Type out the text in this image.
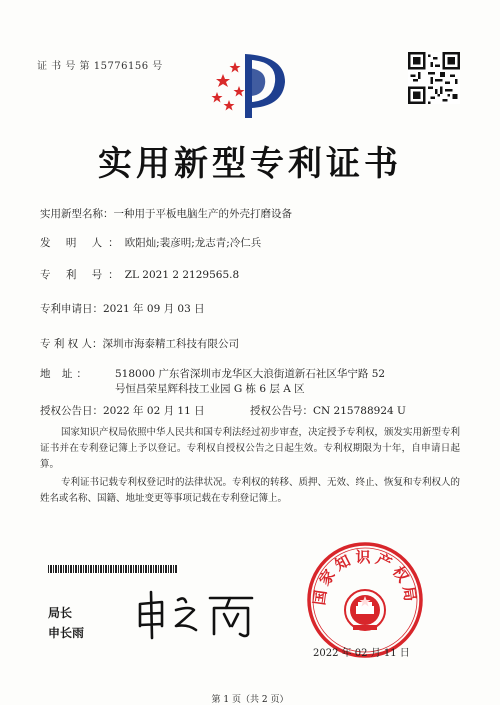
证 书 号 第 15776156 号
实用新型专利证书
实用新型名称：一种用于平板电脑生产的外壳打磨设备
发 明 人：欧阳灿;裴彦明;龙志青;冷仁兵
专 利 号：ZL 2021 2 2129565.8
专利申请日：2021 年 09 月 03 日
专 利 权 人：深圳市海泰精工科技有限公司
地 址： 518000 广东省深圳市龙华区大浪街道新石社区华宁路 52
号恒昌荣星辉科技工业园 G 栋 6 层 A 区
授权公告日：2022 年 02 月 11 日	授权公告号：CN 215788924 U
国家知识产权局依照中华人民共和国专利法经过初步审查，决定授予专利权，颁发实用新型专利证书并在专利登记簿上予以登记。专利权自授权公告之日起生效。专利权期限为十年，自申请日起算。
专利证书记载专利权登记时的法律状况。专利权的转移、质押、无效、终止、恢复和专利权人的姓名或名称、国籍、地址变更等事项记载在专利登记簿上。
局长
申长雨
国家知识产权局
2022 年 02 月 11 日
第 1 页（共 2 页）
